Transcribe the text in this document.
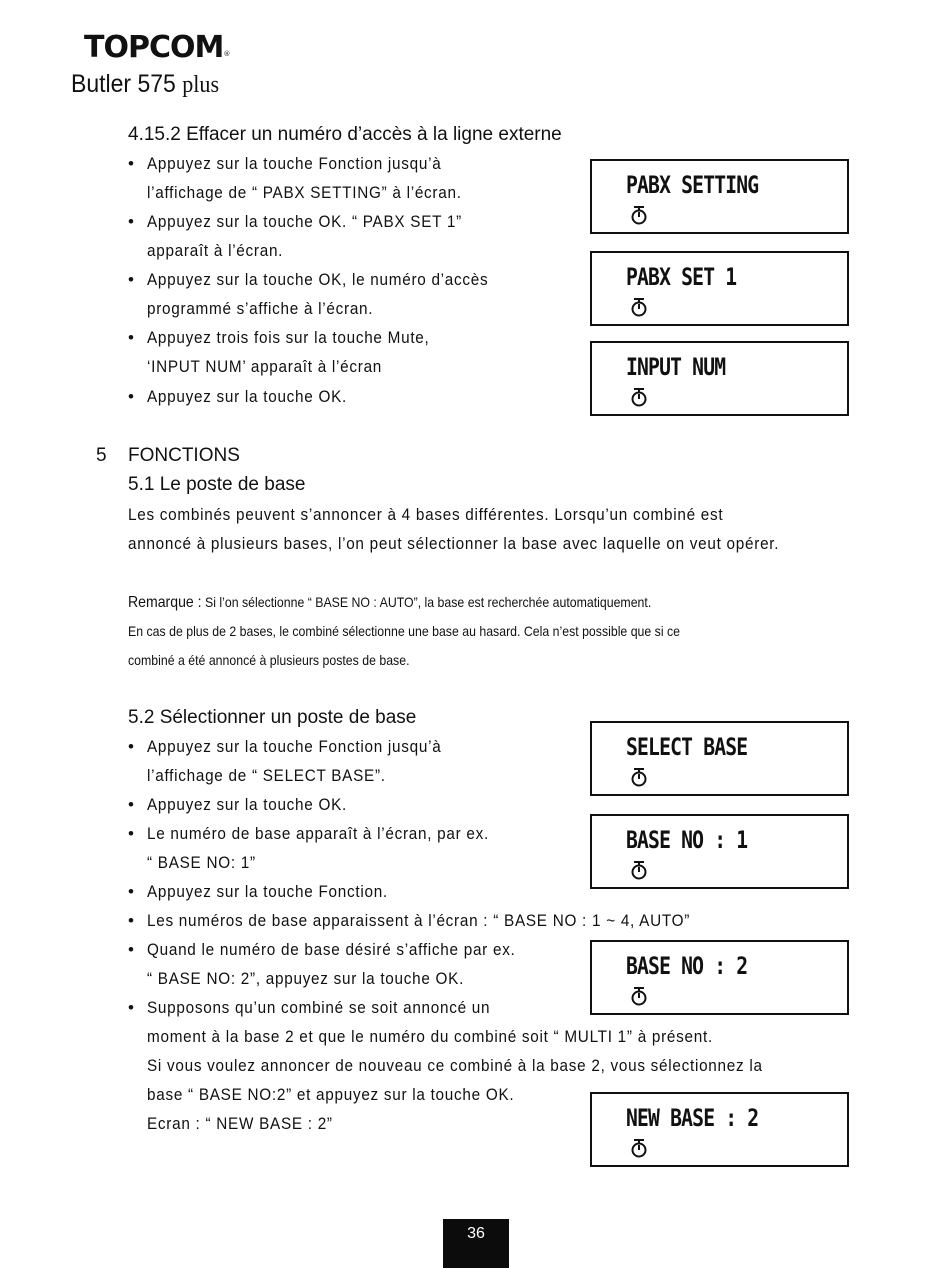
TOPCOM®
Butler 575 plus
4.15.2 Effacer un numéro d’accès à la ligne externe
• Appuyez sur la touche Fonction jusqu’à
l’affichage de “ PABX SETTING” à l’écran.
• Appuyez sur la touche OK. “ PABX SET 1”
apparaît à l’écran.
• Appuyez sur la touche OK, le numéro d’accès
programmé s’affiche à l’écran.
• Appuyez trois fois sur la touche Mute,
‘INPUT NUM’ apparaît à l’écran
• Appuyez sur la touche OK.
PABX SETTING
PABX SET 1
INPUT NUM
5 FONCTIONS
5.1 Le poste de base
Les combinés peuvent s’annoncer à 4 bases différentes. Lorsqu’un combiné est
annoncé à plusieurs bases, l’on peut sélectionner la base avec laquelle on veut opérer.
Remarque : Si l’on sélectionne “ BASE NO : AUTO”, la base est recherchée automatiquement.
En cas de plus de 2 bases, le combiné sélectionne une base au hasard. Cela n’est possible que si ce
combiné a été annoncé à plusieurs postes de base.
5.2 Sélectionner un poste de base
• Appuyez sur la touche Fonction jusqu’à
l’affichage de “ SELECT BASE”.
• Appuyez sur la touche OK.
• Le numéro de base apparaît à l’écran, par ex.
“ BASE NO: 1”
• Appuyez sur la touche Fonction.
• Les numéros de base apparaissent à l’écran : “ BASE NO : 1 ~ 4, AUTO”
• Quand le numéro de base désiré s’affiche par ex.
“ BASE NO: 2”, appuyez sur la touche OK.
• Supposons qu’un combiné se soit annoncé un
moment à la base 2 et que le numéro du combiné soit “ MULTI 1” à présent.
Si vous voulez annoncer de nouveau ce combiné à la base 2, vous sélectionnez la
base “ BASE NO:2” et appuyez sur la touche OK.
Ecran : “ NEW BASE : 2”
SELECT BASE
BASE NO : 1
BASE NO : 2
NEW BASE : 2
36
